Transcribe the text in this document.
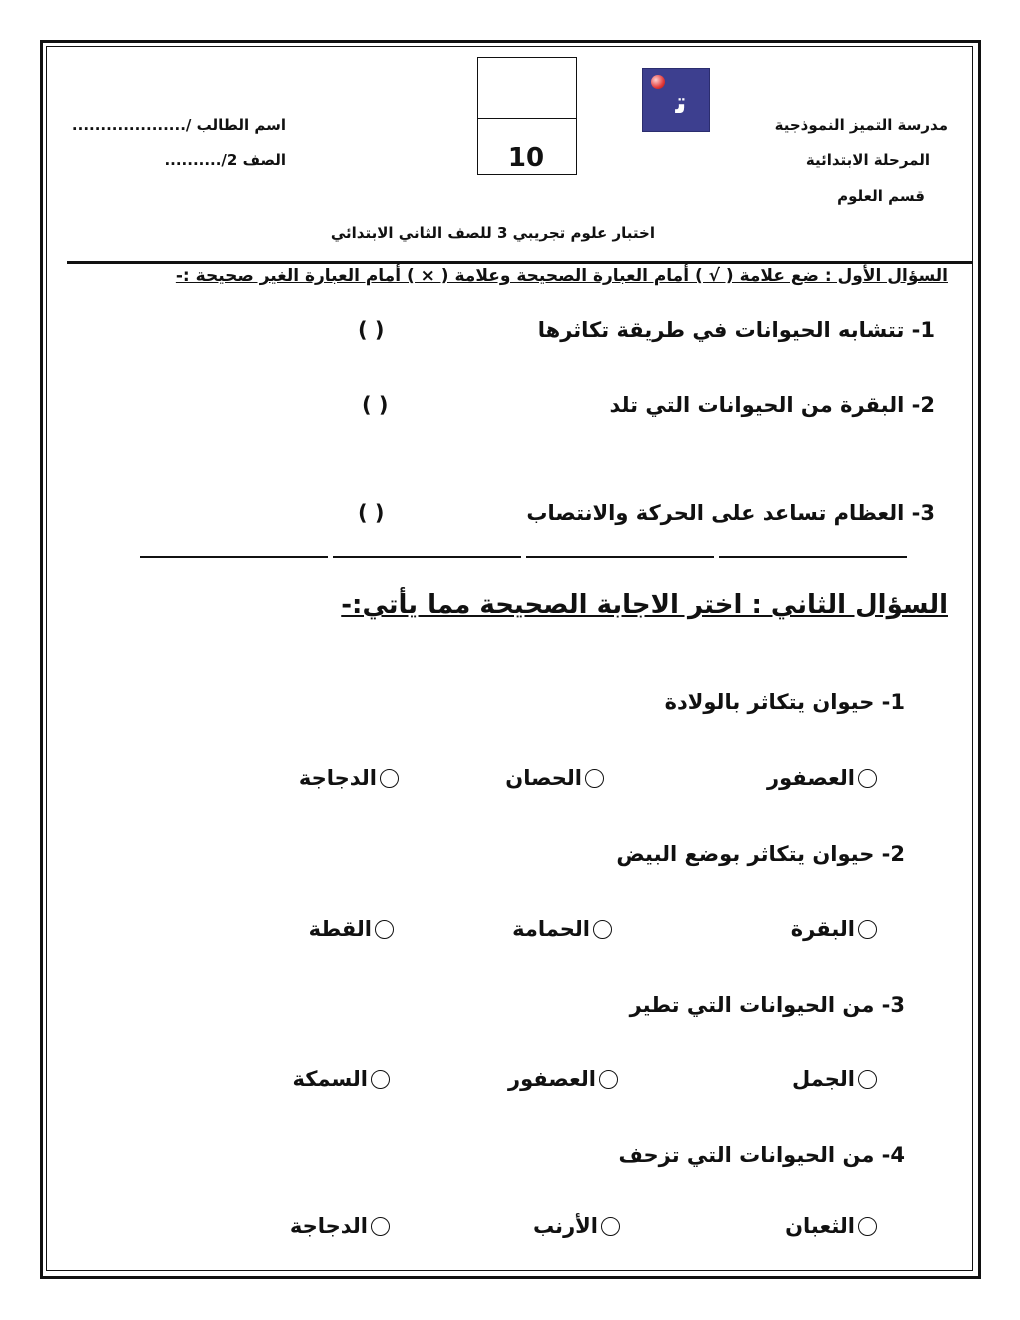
مدرسة التميز النموذجية
المرحلة الابتدائية
قسم العلوم
ﺗ
10
اسم الطالب /....................
الصف 2/..........
اختبار علوم تجريبي 3 للصف الثاني الابتدائي
السؤال الأول : ضع علامة ( √ ) أمام العبارة الصحيحة وعلامة ( × ) أمام العبارة الغير صحيحة :-
1- تتشابه الحيوانات في طريقة تكاثرها
( )
2- البقرة من الحيوانات التي تلد
( )
3- العظام تساعد على الحركة والانتصاب
( )
السؤال الثاني : اختر الاجابة الصحيحة مما يأتي:-
1- حيوان يتكاثر بالولادة
العصفور
الحصان
الدجاجة
2- حيوان يتكاثر بوضع البيض
البقرة
الحمامة
القطة
3- من الحيوانات التي تطير
الجمل
العصفور
السمكة
4- من الحيوانات التي تزحف
الثعبان
الأرنب
الدجاجة
